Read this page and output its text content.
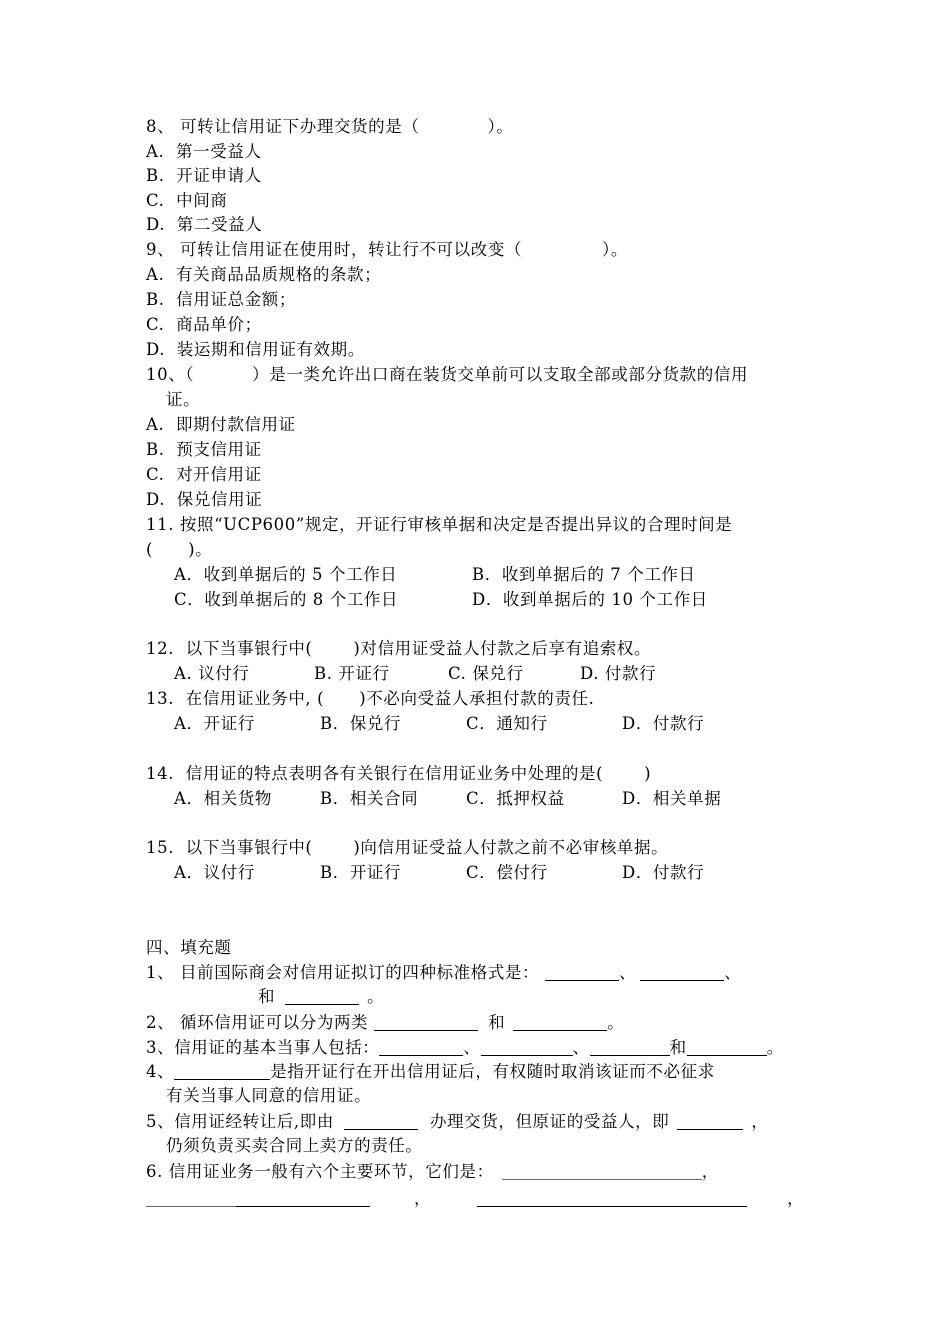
8、 可转让信用证下办理交货的是（	）。
A.  第一受益人
B.  开证申请人
C.  中间商
D.  第二受益人
9、 可转让信用证在使用时，转让行不可以改变（	）。
A.  有关商品品质规格的条款；
B.  信用证总金额；
C.  商品单价；
D.  装运期和信用证有效期。
10、（	）是一类允许出口商在装货交单前可以支取全部或部分货款的信用
证。
A.  即期付款信用证
B.  预支信用证
C.  对开信用证
D.  保兑信用证
11. 按照“UCP600”规定，开证行审核单据和决定是否提出异议的合理时间是
(      )。
A．收到单据后的 5 个工作日	B．收到单据后的 7 个工作日
C．收到单据后的 8 个工作日	D．收到单据后的 10 个工作日
12.  以下当事银行中(       )对信用证受益人付款之后享有追索权。
A. 议付行	B. 开证行	C. 保兑行	D. 付款行
13.  在信用证业务中, (      )不必向受益人承担付款的责任.
A．开证行	B．保兑行	C．通知行	D．付款行
14.  信用证的特点表明各有关银行在信用证业务中处理的是(       )
A．相关货物	B．相关合同	C．抵押权益	D．相关单据
15.  以下当事银行中(       )向信用证受益人付款之前不必审核单据。
A．议付行	B．开证行	C．偿付行	D．付款行
四、填充题
1、 目前国际商会对信用证拟订的四种标准格式是：	、	、
和	。
2、 循环信用证可以分为两类	和	。
3、信用证的基本当事人包括：	、	、	和	。
4、	是指开证行在开出信用证后，有权随时取消该证而不必征求
有关当事人同意的信用证。
5、信用证经转让后,即由	办理交货，但原证的受益人，即	，
仍须负责买卖合同上卖方的责任。
6. 信用证业务一般有六个主要环节，它们是：	，
，	，
